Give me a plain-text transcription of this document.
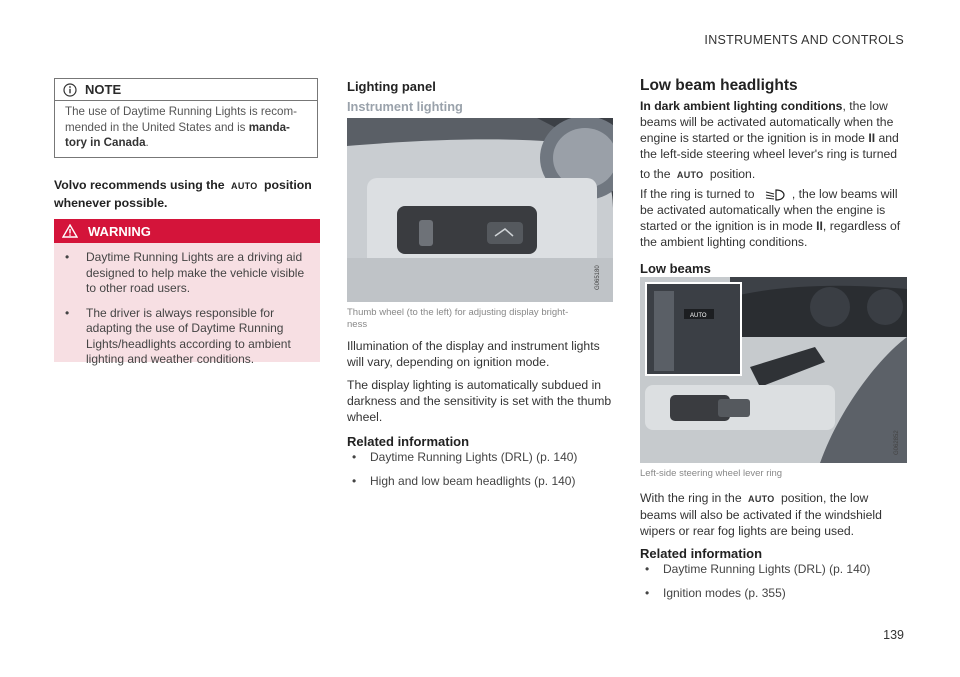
INSTRUMENTS AND CONTROLS
139
NOTE
The use of Daytime Running Lights is recom-
mended in the United States and is manda-
tory in Canada.
Volvo recommends using the AUTO position
whenever possible.
WARNING
• Daytime Running Lights are a driving aid
designed to help make the vehicle visible
to other road users.
• The driver is always responsible for
adapting the use of Daytime Running
Lights/headlights according to ambient
lighting and weather conditions.
Lighting panel
Instrument lighting
G065180
Thumb wheel (to the left) for adjusting display bright-
ness
Illumination of the display and instrument lights
will vary, depending on ignition mode.
The display lighting is automatically subdued in
darkness and the sensitivity is set with the thumb
wheel.
Related information
• Daytime Running Lights (DRL) (p. 140)
• High and low beam headlights (p. 140)
Low beam headlights
In dark ambient lighting conditions, the low
beams will be activated automatically when the
engine is started or the ignition is in mode II and
the left-side steering wheel lever's ring is turned
to the AUTO position.
If the ring is turned to	, the low beams will
be activated automatically when the engine is
started or the ignition is in mode II, regardless of
the ambient lighting conditions.
Low beams
AUTO
G062852
Left-side steering wheel lever ring
With the ring in the AUTO position, the low
beams will also be activated if the windshield
wipers or rear fog lights are being used.
Related information
• Daytime Running Lights (DRL) (p. 140)
• Ignition modes (p. 355)
